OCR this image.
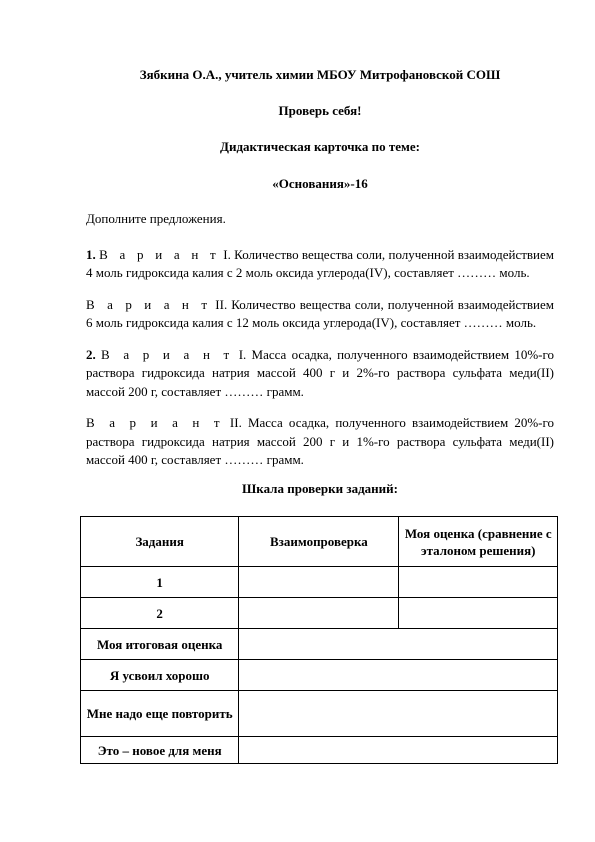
Зябкина О.А., учитель химии МБОУ Митрофановской СОШ
Проверь себя!
Дидактическая карточка по теме:
«Основания»-16
Дополните предложения.
1. В а р и а н т I. Количество вещества соли, полученной взаимодействием 4 моль гидроксида калия с 2 моль оксида углерода(IV), составляет ……… моль.
В а р и а н т II. Количество вещества соли, полученной взаимодействием 6 моль гидроксида калия с 12 моль оксида углерода(IV), составляет ……… моль.
2. В а р и а н т I. Масса осадка, полученного взаимодействием 10%-го раствора гидроксида натрия массой 400 г и 2%-го раствора сульфата меди(II) массой 200 г, составляет ……… грамм.
В а р и а н т II. Масса осадка, полученного взаимодействием 20%-го раствора гидроксида натрия массой 200 г и 1%-го раствора сульфата меди(II) массой 400 г, составляет ……… грамм.
Шкала проверки заданий:
Задания	Взаимопроверка	Моя оценка (сравнение с эталоном решения)
1		
2		
Моя итоговая оценка		
Я усвоил хорошо		
Мне надо еще повторить		
Это – новое для меня		
